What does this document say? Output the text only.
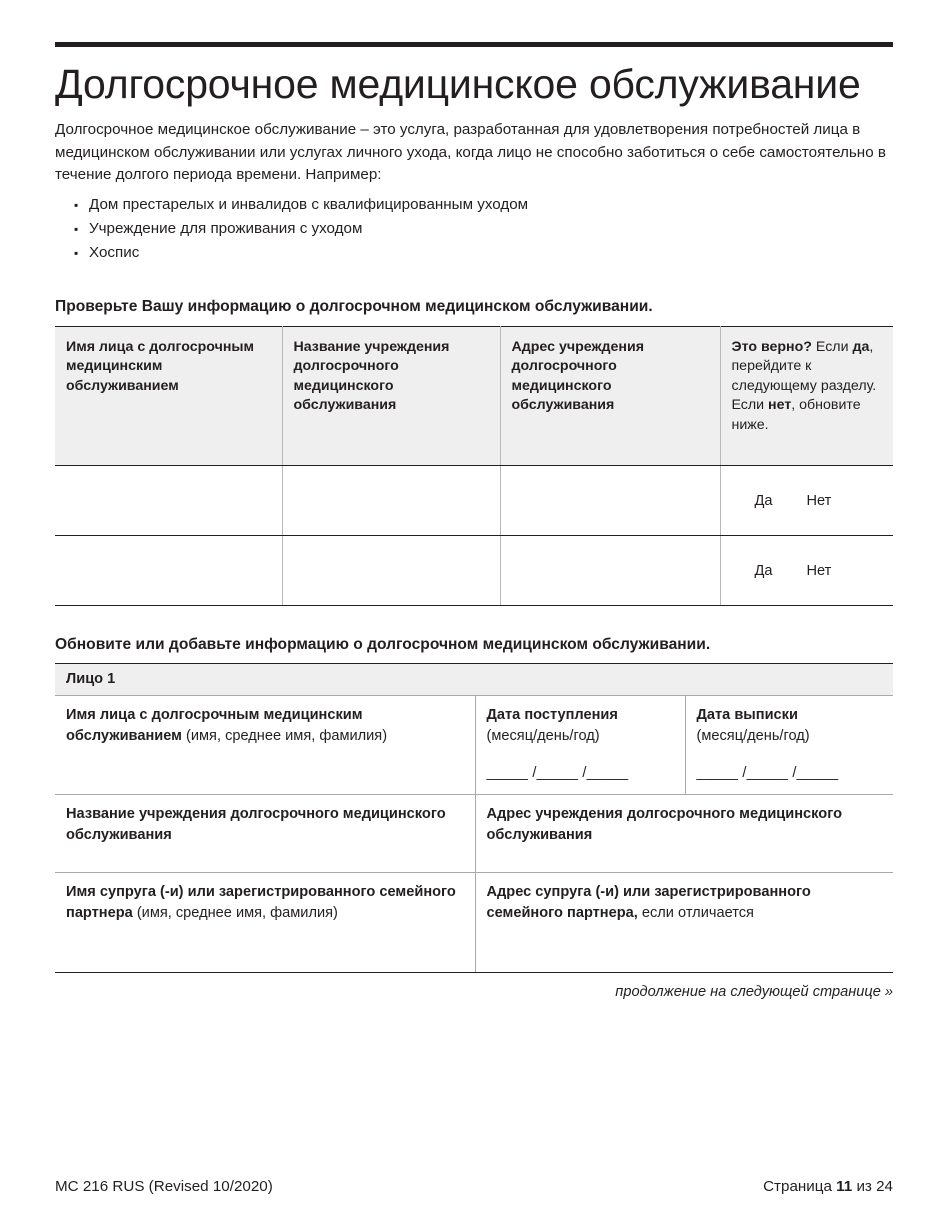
Долгосрочное медицинское обслуживание

Долгосрочное медицинское обслуживание – это услуга, разработанная для удовлетворения потребностей лица в медицинском обслуживании или услугах личного ухода, когда лицо не способно заботиться о себе самостоятельно в течение долгого периода времени. Например:

▪ Дом престарелых и инвалидов с квалифицированным уходом
▪ Учреждение для проживания с уходом
▪ Хоспис
Проверьте Вашу информацию о долгосрочном медицинском обслуживании.
Имя лица с долгосрочным медицинским обслуживанием	Название учреждения долгосрочного медицинского обслуживания	Адрес учреждения долгосрочного медицинского обслуживания	Это верно? Если да, перейдите к следующему разделу. Если нет, обновите ниже.

			Да Нет

			Да Нет
Обновите или добавьте информацию о долгосрочном медицинском обслуживании.
Лицо 1		
Имя лица с долгосрочным медицинским обслуживанием (имя, среднее имя, фамилия)	Дата поступления
(месяц/день/год)
_____ /_____ /_____	Дата выписки
(месяц/день/год)
_____ /_____ /_____

Название учреждения долгосрочного медицинского обслуживания	Адрес учреждения долгосрочного медицинского обслуживания	
Имя супруга (-и) или зарегистрированного семейного партнера (имя, среднее имя, фамилия)	Адрес супруга (-и) или зарегистрированного семейного партнера, если отличается	
продолжение на следующей странице »
MC 216 RUS (Revised 10/2020)	Страница 11 из 24
